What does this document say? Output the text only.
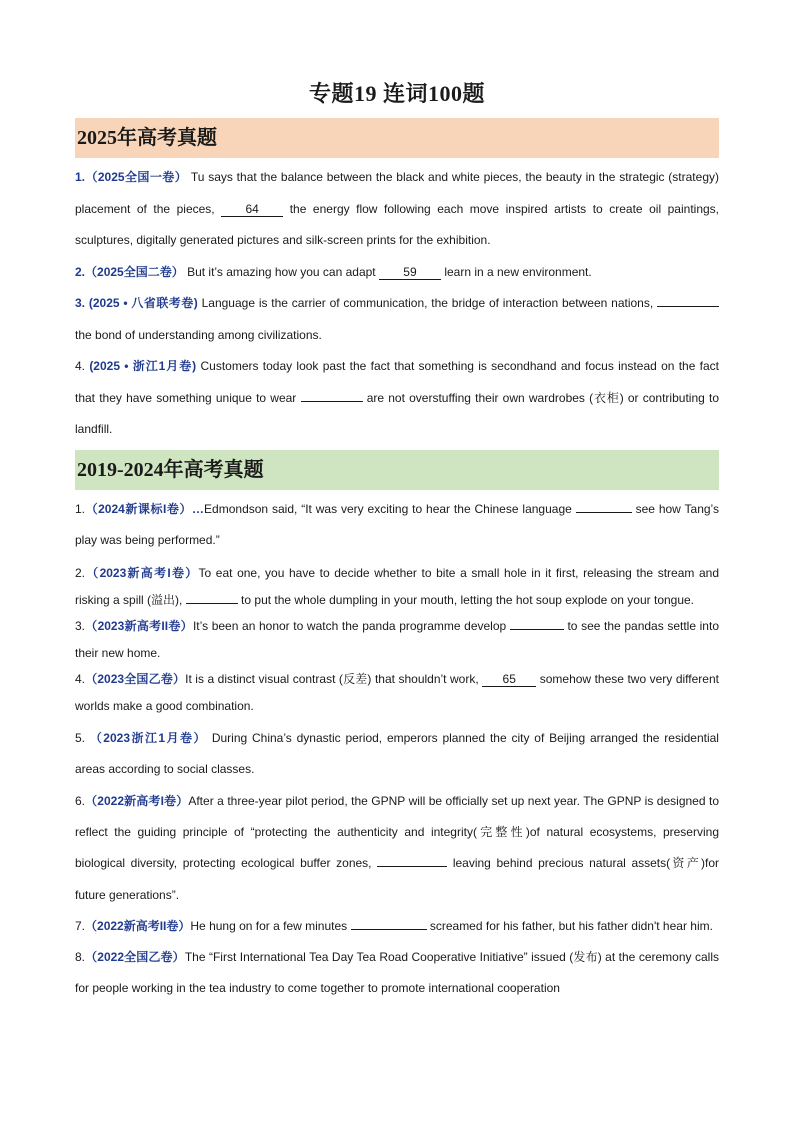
专题19 连词100题
2025年高考真题

1.（2025全国一卷） Tu says that the balance between the black and white pieces, the beauty in the strategic (strategy) placement of the pieces,	64	the energy flow following each move inspired artists to create oil paintings, sculptures, digitally generated pictures and silk-screen prints for the exhibition.

2.（2025全国二卷） But it’s amazing how you can adapt 59 learn in a new environment.

3. (2025 • 八省联考卷) Language is the carrier of communication, the bridge of interaction between nations,  the bond of understanding among civilizations.

4. (2025 • 浙江1月卷) Customers today look past the fact that something is secondhand and focus instead on the fact that they have something unique to wear	are not overstuffing their own wardrobes (衣柜) or contributing to landfill.

2019-2024年高考真题

1.（2024新课标I卷）…Edmondson said, “It was very exciting to hear the Chinese language	see how Tang’s play was being performed.”

2.（2023新高考I卷）To eat one, you have to decide whether to bite a small hole in it first, releasing the stream and risking a spill (溢出),	to put the whole dumpling in your mouth, letting the hot soup explode on your tongue.

3.（2023新高考II卷）It’s been an honor to watch the panda programme develop	to see the pandas settle into their new home.

4.（2023全国乙卷）It is a distinct visual contrast (反差) that shouldn’t work, 65 somehow these two very different worlds make a good combination.

5. （2023浙江1月卷） During China’s dynastic period, emperors planned the city of Beijing arranged the residential areas according to social classes.

6.（2022新高考I卷）After a three-year pilot period, the GPNP will be officially set up next year. The GPNP is designed to reflect the guiding principle of “protecting the authenticity and integrity(完整性)of natural ecosystems, preserving biological diversity, protecting ecological buffer zones,	leaving behind precious natural assets(资产)for future generations”.

7.（2022新高考II卷）He hung on for a few minutes	screamed for his father, but his father didn't hear him.

8.（2022全国乙卷）The “First International Tea Day Tea Road Cooperative Initiative” issued (发布) at the ceremony calls for people working in the tea industry to come together to promote international cooperation
